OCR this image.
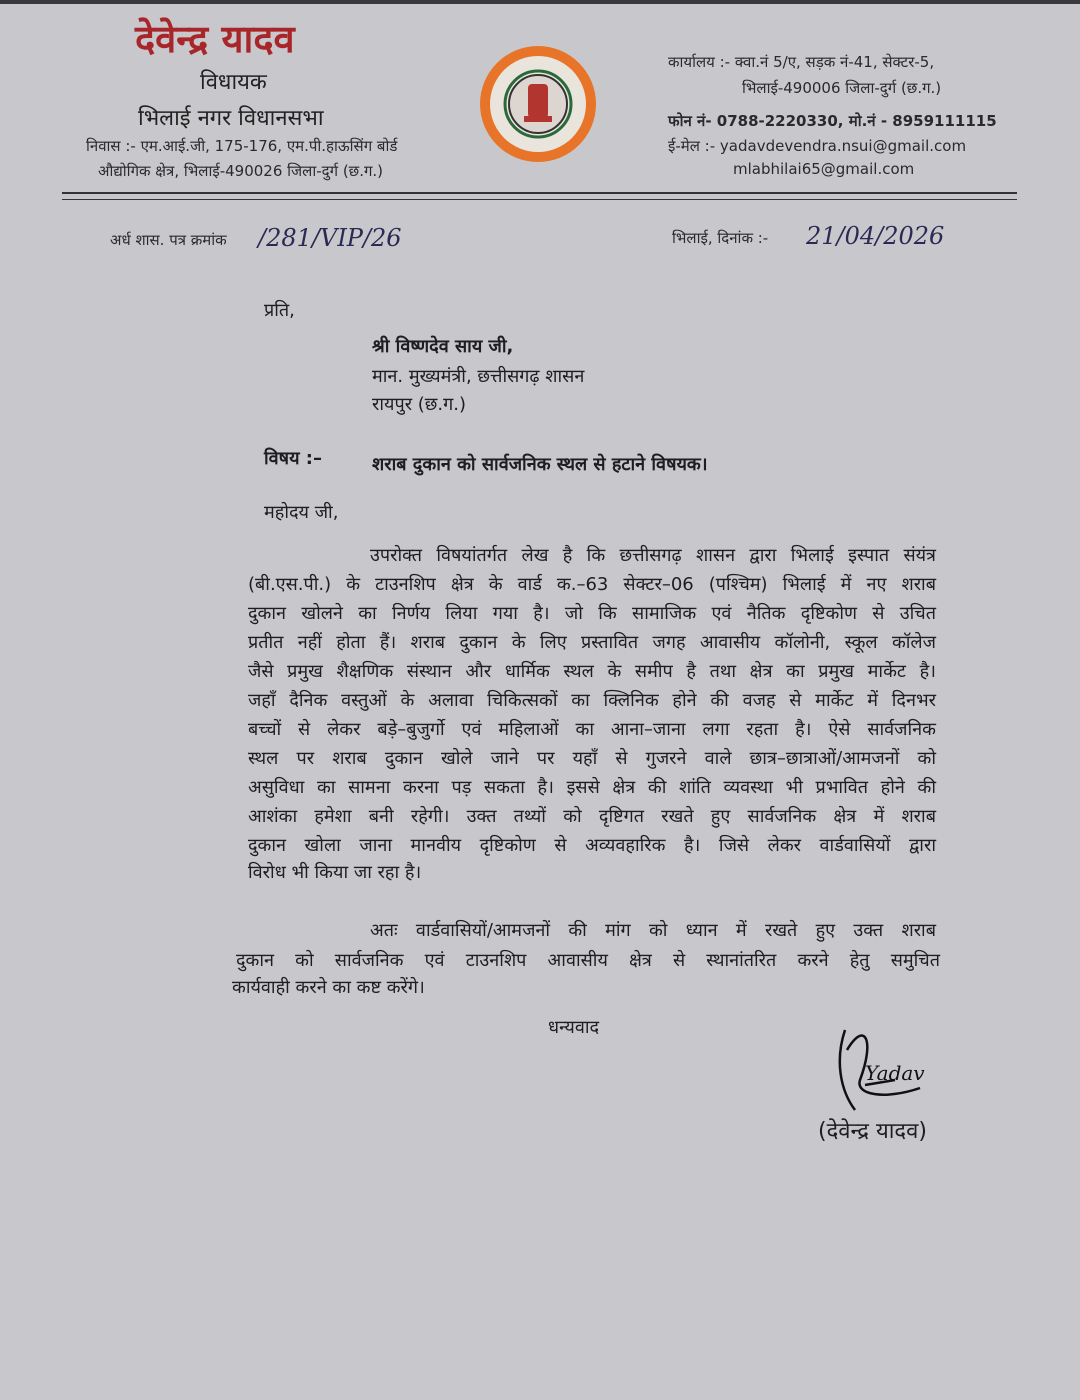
देवेन्द्र यादव
विधायक
भिलाई नगर विधानसभा
निवास :- एम.आई.जी, 175-176, एम.पी.हाऊसिंग बोर्ड
औद्योगिक क्षेत्र, भिलाई-490026 जिला-दुर्ग (छ.ग.)
कार्यालय :- क्वा.नं 5/ए, सड़क नं-41, सेक्टर-5,
भिलाई-490006 जिला-दुर्ग (छ.ग.)
फोन नं- 0788-2220330, मो.नं - 8959111115
ई-मेल :- yadavdevendra.nsui@gmail.com
mlabhilai65@gmail.com
अर्ध शास. पत्र क्रमांक /281/VIP/26	भिलाई, दिनांक :- 21/04/2026
प्रति,
श्री विष्णदेव साय जी,
मान. मुख्यमंत्री, छत्तीसगढ़ शासन
रायपुर (छ.ग.)
विषय :–	शराब दुकान को सार्वजनिक स्थल से हटाने विषयक।
महोदय जी,
उपरोक्त विषयांतर्गत लेख है कि छत्तीसगढ़ शासन द्वारा भिलाई इस्पात संयंत्र
(बी.एस.पी.) के टाउनशिप क्षेत्र के वार्ड क.–63 सेक्टर–06 (पश्चिम) भिलाई में नए शराब
दुकान खोलने का निर्णय लिया गया है। जो कि सामाजिक एवं नैतिक दृष्टिकोण से उचित
प्रतीत नहीं होता हैं। शराब दुकान के लिए प्रस्तावित जगह आवासीय कॉलोनी, स्कूल कॉलेज
जैसे प्रमुख शैक्षणिक संस्थान और धार्मिक स्थल के समीप है तथा क्षेत्र का प्रमुख मार्केट है।
जहाँ दैनिक वस्तुओं के अलावा चिकित्सकों का क्लिनिक होने की वजह से मार्केट में दिनभर
बच्चों से लेकर बड़े–बुजुर्गो एवं महिलाओं का आना–जाना लगा रहता है। ऐसे सार्वजनिक
स्थल पर शराब दुकान खोले जाने पर यहाँ से गुजरने वाले छात्र–छात्राओं/आमजनों को
असुविधा का सामना करना पड़ सकता है। इससे क्षेत्र की शांति व्यवस्था भी प्रभावित होने की
आशंका हमेशा बनी रहेगी। उक्त तथ्यों को दृष्टिगत रखते हुए सार्वजनिक क्षेत्र में शराब
दुकान खोला जाना मानवीय दृष्टिकोण से अव्यवहारिक है। जिसे लेकर वार्डवासियों द्वारा
विरोध भी किया जा रहा है।
अतः वार्डवासियों/आमजनों की मांग को ध्यान में रखते हुए उक्त शराब
दुकान को सार्वजनिक एवं टाउनशिप आवासीय क्षेत्र से स्थानांतरित करने हेतु समुचित
कार्यवाही करने का कष्ट करेंगे।
धन्यवाद
Yadav
(देवेन्द्र यादव)
